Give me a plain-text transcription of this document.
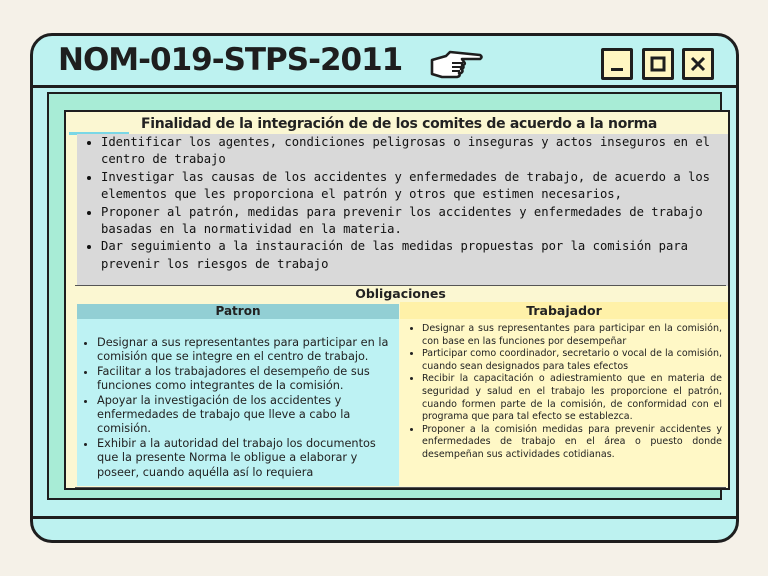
NOM-019-STPS-2011
Finalidad de la integración de de los comites de acuerdo a la norma
• Identificar los agentes, condiciones peligrosas o inseguras y actos inseguros en el centro de trabajo
• Investigar las causas de los accidentes y enfermedades de trabajo, de acuerdo a los elementos que les proporciona el patrón y otros que estimen necesarios,
• Proponer al patrón, medidas para prevenir los accidentes y enfermedades de trabajo basadas en la normatividad en la materia.
• Dar seguimiento a la instauración de las medidas propuestas por la comisión para prevenir los riesgos de trabajo
Obligaciones
Patron
• Designar a sus representantes para participar en la comisión que se integre en el centro de trabajo.
• Facilitar a los trabajadores el desempeño de sus funciones como integrantes de la comisión.
• Apoyar la investigación de los accidentes y enfermedades de trabajo que lleve a cabo la comisión.
• Exhibir a la autoridad del trabajo los documentos que la presente Norma le obligue a elaborar y poseer, cuando aquélla así lo requiera
Trabajador
• Designar a sus representantes para participar en la comisión, con base en las funciones por desempeñar
• Participar como coordinador, secretario o vocal de la comisión, cuando sean designados para tales efectos
• Recibir la capacitación o adiestramiento que en materia de seguridad y salud en el trabajo les proporcione el patrón, cuando formen parte de la comisión, de conformidad con el programa que para tal efecto se establezca.
• Proponer a la comisión medidas para prevenir accidentes y enfermedades de trabajo en el área o puesto donde desempeñan sus actividades cotidianas.
